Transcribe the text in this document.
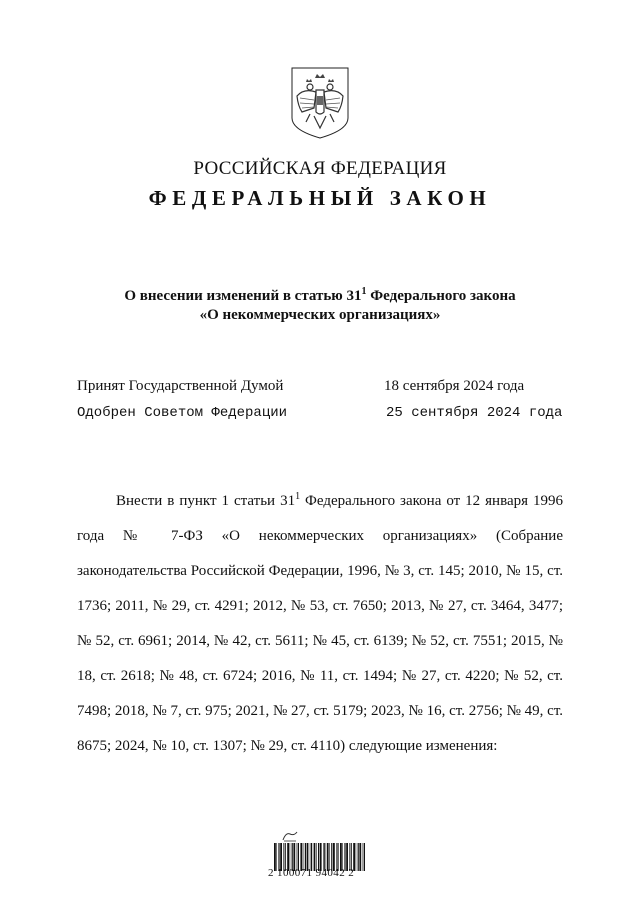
РОССИЙСКАЯ ФЕДЕРАЦИЯ
ФЕДЕРАЛЬНЫЙ ЗАКОН
О внесении изменений в статью $31^1$ Федерального закона
«О некоммерческих организациях»
Принят Государственной Думой	18 сентября 2024 года
Одобрен Советом Федерации	25 сентября 2024 года
Внести в пункт 1 статьи $31^1$ Федерального закона от 12 января 1996 года № 7-ФЗ «О некоммерческих организациях» (Собрание законодательства Российской Федерации, 1996, № 3, ст. 145; 2010, № 15, ст. 1736; 2011, № 29, ст. 4291; 2012, № 53, ст. 7650; 2013, № 27, ст. 3464, 3477; № 52, ст. 6961; 2014, № 42, ст. 5611; № 45, ст. 6139; № 52, ст. 7551; 2015, № 18, ст. 2618; № 48, ст. 6724; 2016, № 11, ст. 1494; № 27, ст. 4220; № 52, ст. 7498; 2018, № 7, ст. 975; 2021, № 27, ст. 5179; 2023, № 16, ст. 2756; № 49, ст. 8675; 2024, № 10, ст. 1307; № 29, ст. 4110) следующие изменения:
2 100071 94042 2
